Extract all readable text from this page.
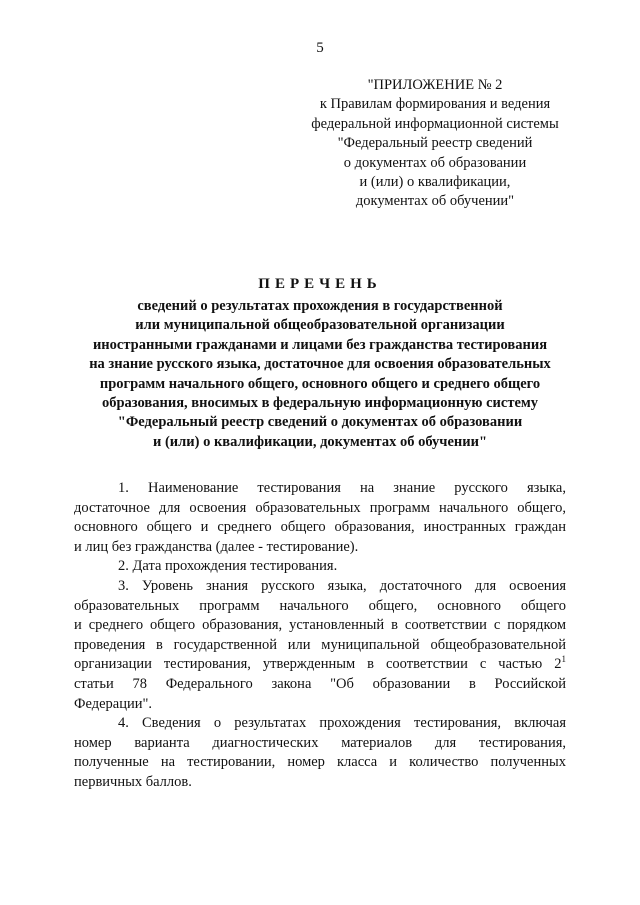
5
"ПРИЛОЖЕНИЕ № 2
к Правилам формирования и ведения
федеральной информационной системы
"Федеральный реестр сведений
о документах об образовании
и (или) о квалификации,
документах об обучении"
ПЕРЕЧЕНЬ
сведений о результатах прохождения в государственной
или муниципальной общеобразовательной организации
иностранными гражданами и лицами без гражданства тестирования
на знание русского языка, достаточное для освоения образовательных
программ начального общего, основного общего и среднего общего
образования, вносимых в федеральную информационную систему
"Федеральный реестр сведений о документах об образовании
и (или) о квалификации, документах об обучении"
1. Наименование тестирования на знание русского языка,
достаточное для освоения образовательных программ начального общего,
основного общего и среднего общего образования, иностранных граждан
и лиц без гражданства (далее - тестирование).
2. Дата прохождения тестирования.
3. Уровень знания русского языка, достаточного для освоения
образовательных программ начального общего, основного общего
и среднего общего образования, установленный в соответствии с порядком
проведения в государственной или муниципальной общеобразовательной
организации тестирования, утвержденным в соответствии с частью $2^1$
статьи 78 Федерального закона "Об образовании в Российской
Федерации".
4. Сведения о результатах прохождения тестирования, включая
номер варианта диагностических материалов для тестирования,
полученные на тестировании, номер класса и количество полученных
первичных баллов.
